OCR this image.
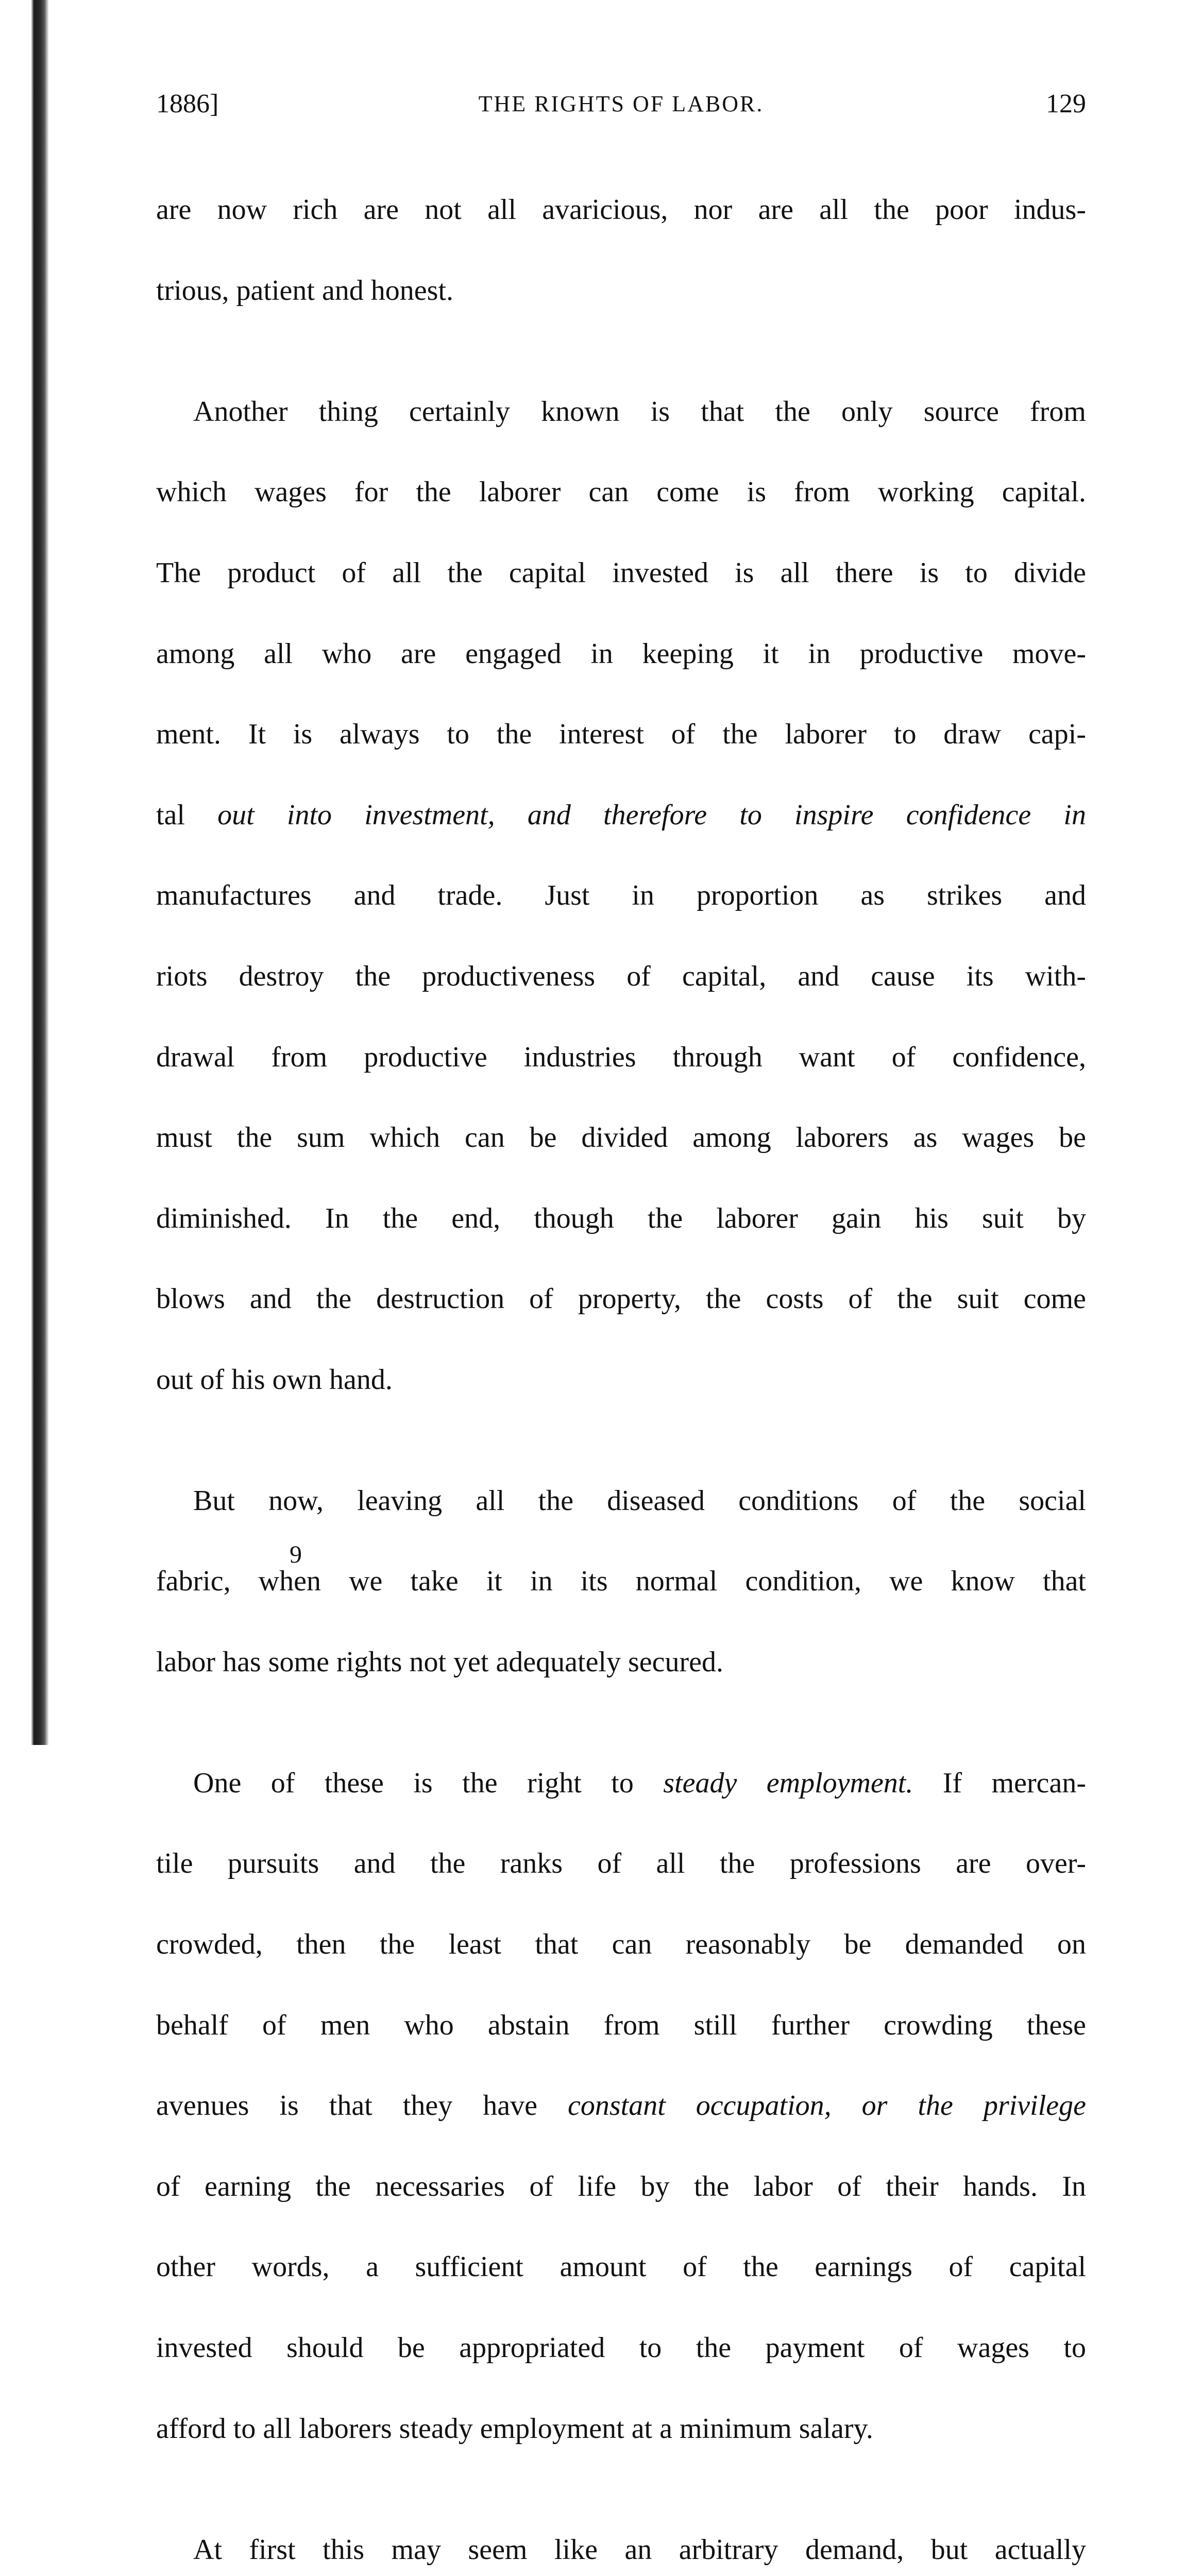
1886]	THE RIGHTS OF LABOR.	129

are now rich are not all avaricious, nor are all the poor indus-

trious, patient and honest.

Another thing certainly known is that the only source from

which wages for the laborer can come is from working capital.

The product of all the capital invested is all there is to divide

among all who are engaged in keeping it in productive move-

ment. It is always to the interest of the laborer to draw capi-

tal out into investment, and therefore to inspire confidence in

manufactures and trade. Just in proportion as strikes and

riots destroy the productiveness of capital, and cause its with-

drawal from productive industries through want of confidence,

must the sum which can be divided among laborers as wages be

diminished. In the end, though the laborer gain his suit by

blows and the destruction of property, the costs of the suit come

out of his own hand.

But now, leaving all the diseased conditions of the social

fabric, when we take it in its normal condition, we know that

labor has some rights not yet adequately secured.

One of these is the right to steady employment. If mercan-

tile pursuits and the ranks of all the professions are over-

crowded, then the least that can reasonably be demanded on

behalf of men who abstain from still further crowding these

avenues is that they have constant occupation, or the privilege

of earning the necessaries of life by the labor of their hands. In

other words, a sufficient amount of the earnings of capital

invested should be appropriated to the payment of wages to

afford to all laborers steady employment at a minimum salary.

At first this may seem like an arbitrary demand, but actually

9
